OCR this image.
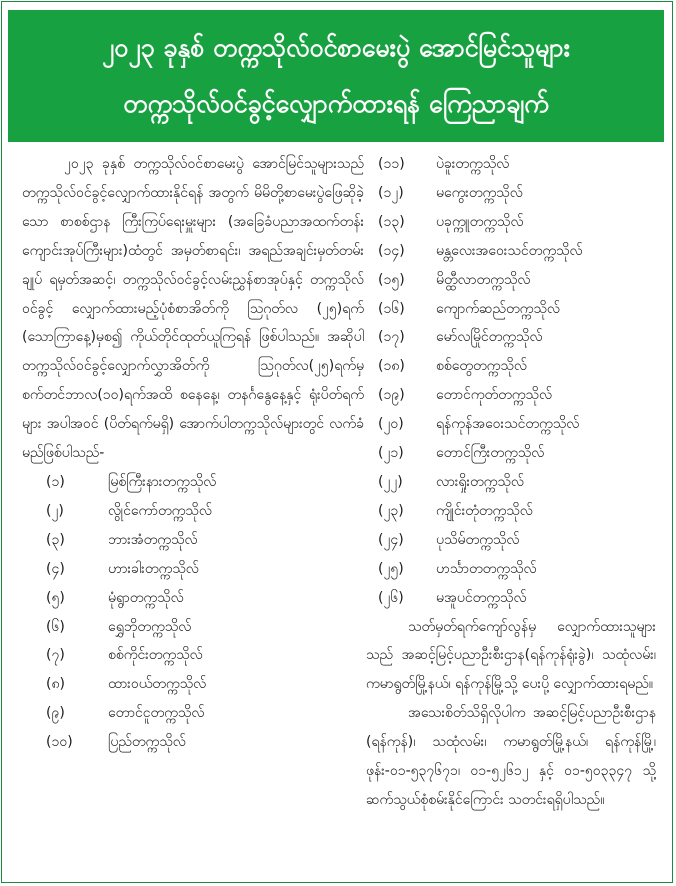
၂၀၂၃ ခုနှစ် တက္ကသိုလ်ဝင်စာမေးပွဲ အောင်မြင်သူများ
တက္ကသိုလ်ဝင်ခွင့်လျှောက်ထားရန် ကြေညာချက်

၂၀၂၃ ခုနှစ် တက္ကသိုလ်ဝင်စာမေးပွဲ အောင်မြင်သူများသည် တက္ကသိုလ်ဝင်ခွင့်လျှောက်ထားနိုင်ရန် အတွက် မိမိတို့စာမေးပွဲဖြေဆိုခဲ့သော စာစစ်ဌာန ကြီးကြပ်ရေးမှူးများ (အခြေခံပညာအထက်တန်း ကျောင်းအုပ်ကြီးများ)ထံတွင် အမှတ်စာရင်း၊ အရည်အချင်းမှတ်တမ်းချုပ် ရမှတ်အဆင့်၊ တက္ကသိုလ်ဝင်ခွင့်လမ်းညွှန်စာအုပ်နှင့် တက္ကသိုလ်ဝင်ခွင့် လျှောက်ထားမည့်ပုံစံစာအိတ်ကို ဩဂုတ်လ (၂၅)ရက် (သောကြာနေ့)မှစ၍ ကိုယ်တိုင်ထုတ်ယူကြရန် ဖြစ်ပါသည်။ အဆိုပါ တက္ကသိုလ်ဝင်ခွင့်လျှောက်လွှာအိတ်ကို ဩဂုတ်လ(၂၅)ရက်မှ စက်တင်ဘာလ(၁၀)ရက်အထိ စနေနေ့၊ တနင်္ဂနွေနေ့နှင့် ရုံးပိတ်ရက်များ အပါအဝင် (ပိတ်ရက်မရှိ) အောက်ပါတက္ကသိုလ်များတွင် လက်ခံမည်ဖြစ်ပါသည်-

(၁)	မြစ်ကြီးနားတက္ကသိုလ်
(၂)	လွိုင်ကော်တက္ကသိုလ်
(၃)	ဘားအံတက္ကသိုလ်
(၄)	ဟားခါးတက္ကသိုလ်
(၅)	မုံရွာတက္ကသိုလ်
(၆)	ရွှေဘိုတက္ကသိုလ်
(၇)	စစ်ကိုင်းတက္ကသိုလ်
(၈)	ထားဝယ်တက္ကသိုလ်
(၉)	တောင်ငူတက္ကသိုလ်
(၁၀)	ပြည်တက္ကသိုလ်
(၁၁)	ပဲခူးတက္ကသိုလ်
(၁၂)	မကွေးတက္ကသိုလ်
(၁၃)	ပခုက္ကူတက္ကသိုလ်
(၁၄)	မန္တလေးအဝေးသင်တက္ကသိုလ်
(၁၅)	မိတ္ထီလာတက္ကသိုလ်
(၁၆)	ကျောက်ဆည်တက္ကသိုလ်
(၁၇)	မော်လမြိုင်တက္ကသိုလ်
(၁၈)	စစ်တွေတက္ကသိုလ်
(၁၉)	တောင်ကုတ်တက္ကသိုလ်
(၂၀)	ရန်ကုန်အဝေးသင်တက္ကသိုလ်
(၂၁)	တောင်ကြီးတက္ကသိုလ်
(၂၂)	လားရှိုးတက္ကသိုလ်
(၂၃)	ကျိုင်းတုံတက္ကသိုလ်
(၂၄)	ပုသိမ်တက္ကသိုလ်
(၂၅)	ဟင်္သာတတက္ကသိုလ်
(၂၆)	မအူပင်တက္ကသိုလ်

သတ်မှတ်ရက်ကျော်လွန်မှ လျှောက်ထားသူများသည် အဆင့်မြင့်ပညာဦးစီးဌာန(ရန်ကုန်ရုံးခွဲ)၊ သထုံလမ်း၊ ကမာရွတ်မြို့နယ်၊ ရန်ကုန်မြို့သို့ ပေးပို့ လျှောက်ထားရမည်။

အသေးစိတ်သိရှိလိုပါက အဆင့်မြင့်ပညာဦးစီးဌာန (ရန်ကုန်)၊ သထုံလမ်း၊ ကမာရွတ်မြို့နယ်၊ ရန်ကုန်မြို့၊ ဖုန်း-၀၁-၅၃၇၆၇၁၊ ၀၁-၅၂၆၁၂ နှင့် ၀၁-၅၀၃၃၄၇ သို့ ဆက်သွယ်စုံစမ်းနိုင်ကြောင်း သတင်းရရှိပါသည်။
